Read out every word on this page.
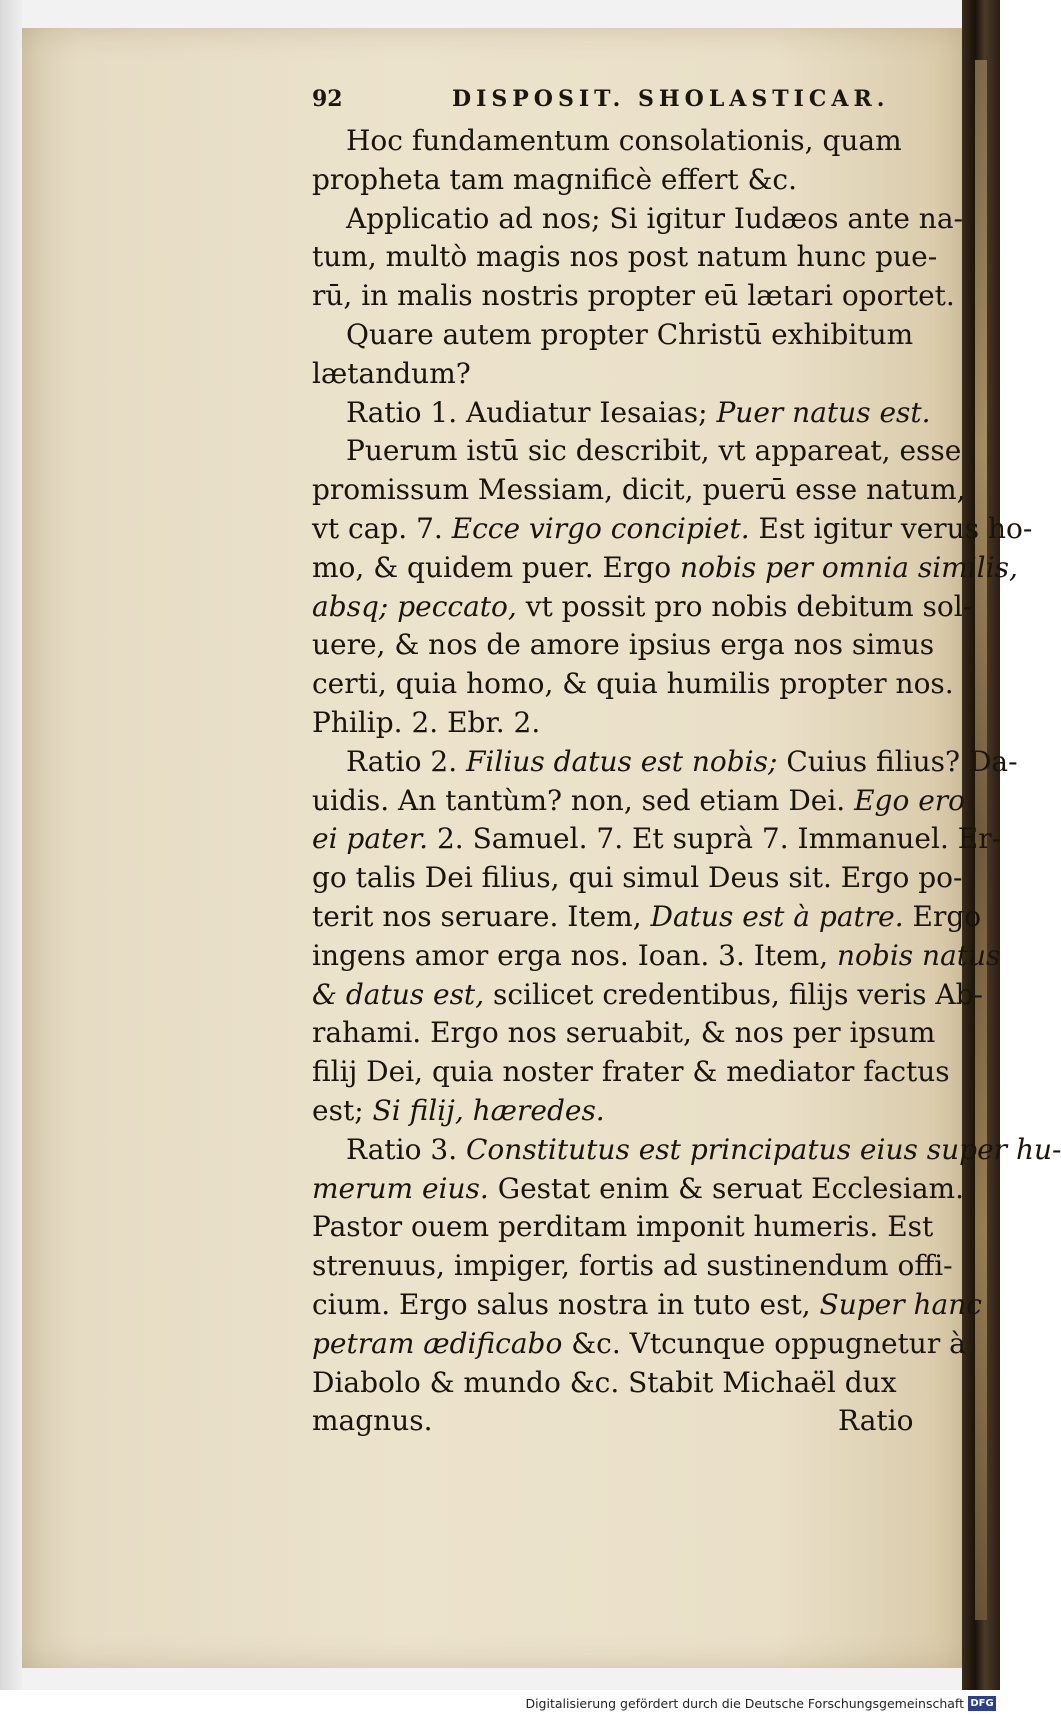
92	DISPOSIT. SHOLASTICAR.
Hoc fundamentum consolationis, quam
propheta tam magnificè effert &c.
Applicatio ad nos; Si igitur Iudæos ante na-
tum, multò magis nos post natum hunc pue-
rū, in malis nostris propter eū lætari oportet.
Quare autem propter Christū exhibitum
lætandum?
Ratio 1. Audiatur Iesaias; Puer natus est.
Puerum istū sic describit, vt appareat, esse
promissum Messiam, dicit, puerū esse natum,
vt cap. 7. Ecce virgo concipiet. Est igitur verus ho-
mo, & quidem puer. Ergo nobis per omnia similis,
absq; peccato, vt possit pro nobis debitum sol-
uere, & nos de amore ipsius erga nos simus
certi, quia homo, & quia humilis propter nos.
Philip. 2. Ebr. 2.
Ratio 2. Filius datus est nobis; Cuius filius? Da-
uidis. An tantùm? non, sed etiam Dei. Ego ero
ei pater. 2. Samuel. 7. Et suprà 7. Immanuel. Er-
go talis Dei filius, qui simul Deus sit. Ergo po-
terit nos seruare. Item, Datus est à patre. Ergo
ingens amor erga nos. Ioan. 3. Item, nobis natus
& datus est, scilicet credentibus, filijs veris Ab-
rahami. Ergo nos seruabit, & nos per ipsum
filij Dei, quia noster frater & mediator factus
est; Si filij, hæredes.
Ratio 3. Constitutus est principatus eius super hu-
merum eius. Gestat enim & seruat Ecclesiam.
Pastor ouem perditam imponit humeris. Est
strenuus, impiger, fortis ad sustinendum offi-
cium. Ergo salus nostra in tuto est, Super hanc
petram ædificabo &c. Vtcunque oppugnetur à
Diabolo & mundo &c. Stabit Michaël dux
magnus.	Ratio
Digitalisierung gefördert durch die Deutsche Forschungsgemeinschaft DFG
